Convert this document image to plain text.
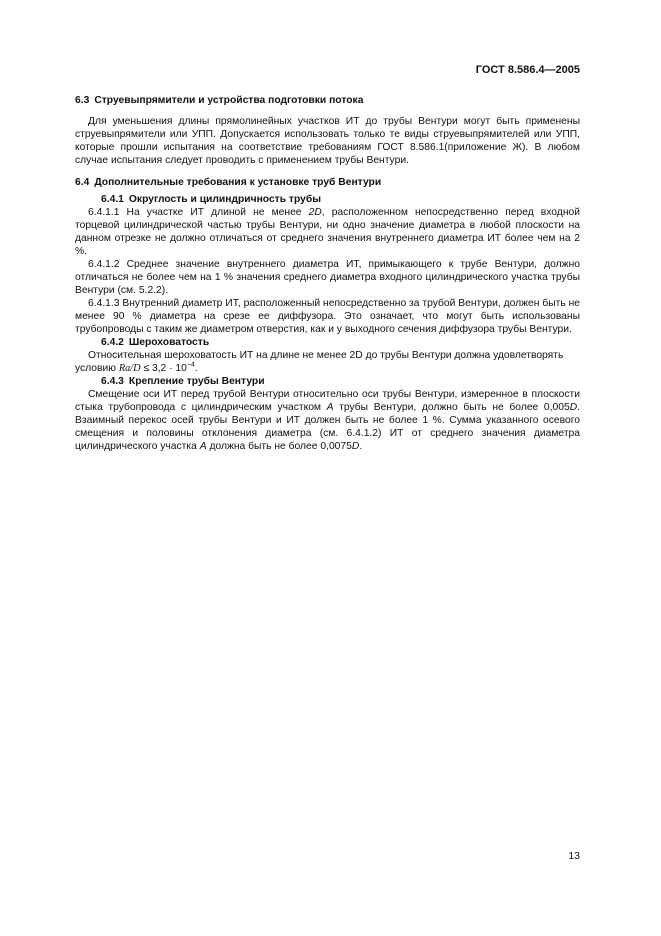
ГОСТ 8.586.4—2005
6.3 Струевыпрямители и устройства подготовки потока

Для уменьшения длины прямолинейных участков ИТ до трубы Вентури могут быть применены струевыпрямители или УПП. Допускается использовать только те виды струевыпрямителей или УПП, которые прошли испытания на соответствие требованиям ГОСТ 8.586.1(приложение Ж). В любом случае испытания следует проводить с применением трубы Вентури.

6.4 Дополнительные требования к установке труб Вентури

6.4.1 Округлость и цилиндричность трубы

6.4.1.1 На участке ИТ длиной не менее 2D, расположенном непосредственно перед входной торцевой цилиндрической частью трубы Вентури, ни одно значение диаметра в любой плоскости на данном отрезке не должно отличаться от среднего значения внутреннего диаметра ИТ более чем на 2 %.

6.4.1.2 Среднее значение внутреннего диаметра ИТ, примыкающего к трубе Вентури, должно отличаться не более чем на 1 % значения среднего диаметра входного цилиндрического участка трубы Вентури (см. 5.2.2).

6.4.1.3 Внутренний диаметр ИТ, расположенный непосредственно за трубой Вентури, должен быть не менее 90 % диаметра на срезе ее диффузора. Это означает, что могут быть использованы трубопроводы с таким же диаметром отверстия, как и у выходного сечения диффузора трубы Вентури.

6.4.2 Шероховатость

Относительная шероховатость ИТ на длине не менее 2D до трубы Вентури должна удовлетворять

условию $Ra/D \le 3,2 \cdot 10^{-4}$.

6.4.3 Крепление трубы Вентури

Смещение оси ИТ перед трубой Вентури относительно оси трубы Вентури, измеренное в плоскости стыка трубопровода с цилиндрическим участком А трубы Вентури, должно быть не более 0,005D. Взаимный перекос осей трубы Вентури и ИТ должен быть не более 1 %. Сумма указанного осевого смещения и половины отклонения диаметра (см. 6.4.1.2) ИТ от среднего значения диаметра цилиндрического участка А должна быть не более 0,0075D.

13
